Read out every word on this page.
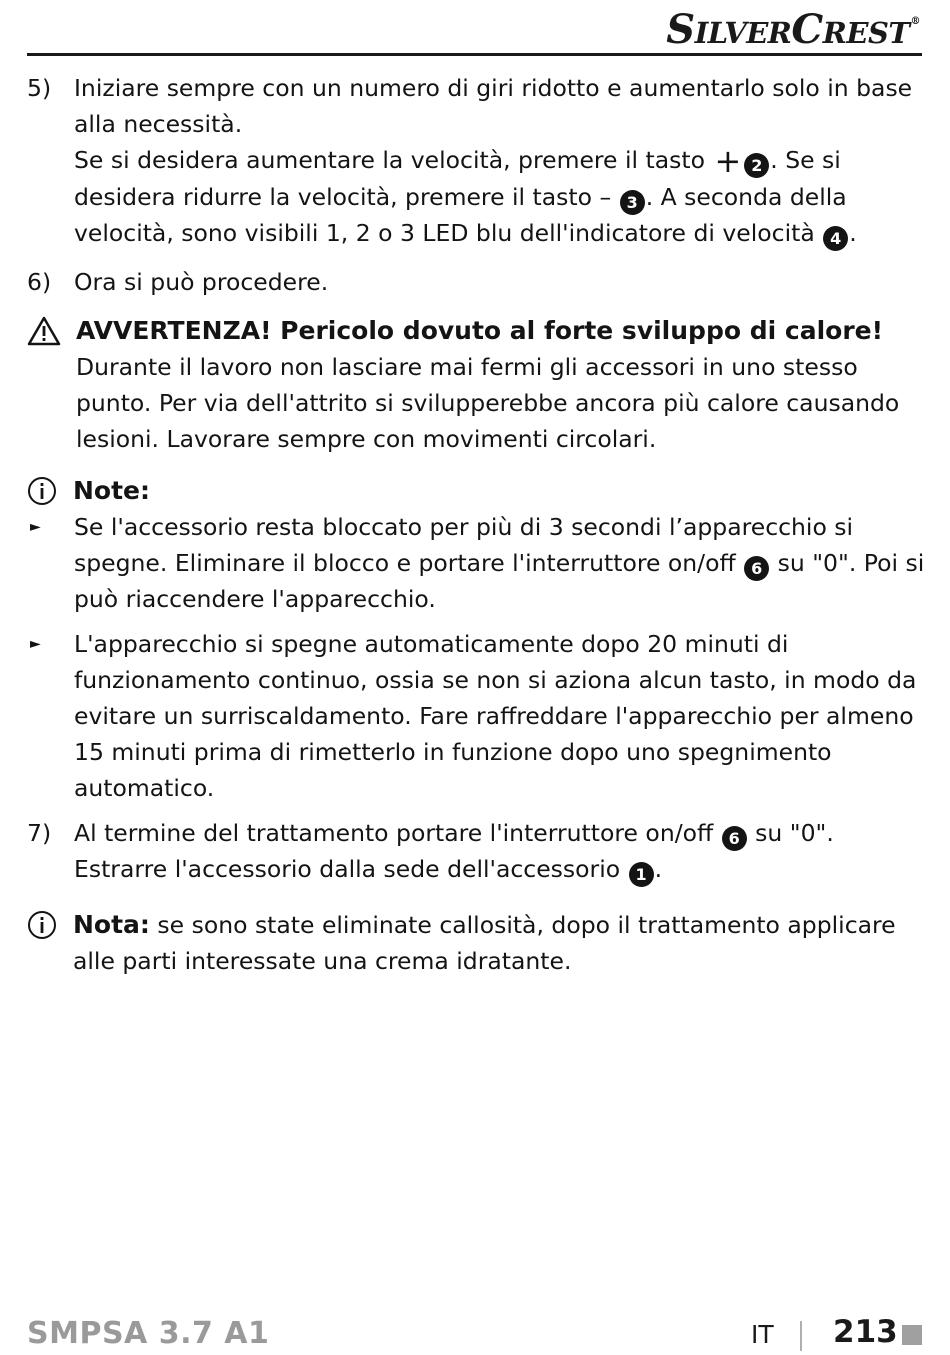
SILVERCREST®
5) Iniziare sempre con un numero di giri ridotto e aumentarlo solo in base alla necessità.
Se si desidera aumentare la velocità, premere il tasto + 2 . Se si desidera ridurre la velocità, premere il tasto – 3 . A seconda della velocità, sono visibili 1, 2 o 3 LED blu dell'indicatore di velocità 4 .
6) Ora si può procedere.
AVVERTENZA! Pericolo dovuto al forte sviluppo di calore!
Durante il lavoro non lasciare mai fermi gli accessori in uno stesso punto. Per via dell'attrito si svilupperebbe ancora più calore causando lesioni. Lavorare sempre con movimenti circolari.
Note:
► Se l'accessorio resta bloccato per più di 3 secondi l’apparecchio si spegne. Eliminare il blocco e portare l'interruttore on/off 6 su "0". Poi si può riaccendere l'apparecchio.
► L'apparecchio si spegne automaticamente dopo 20 minuti di funzionamento continuo, ossia se non si aziona alcun tasto, in modo da evitare un surriscaldamento. Fare raffreddare l'apparecchio per almeno 15 minuti prima di rimetterlo in funzione dopo uno spegnimento automatico.
7) Al termine del trattamento portare l'interruttore on/off 6 su "0". Estrarre l'accessorio dalla sede dell'accessorio 1 .
Nota: se sono state eliminate callosità, dopo il trattamento applicare alle parti interessate una crema idratante.
SMPSA 3.7 A1	IT 213
